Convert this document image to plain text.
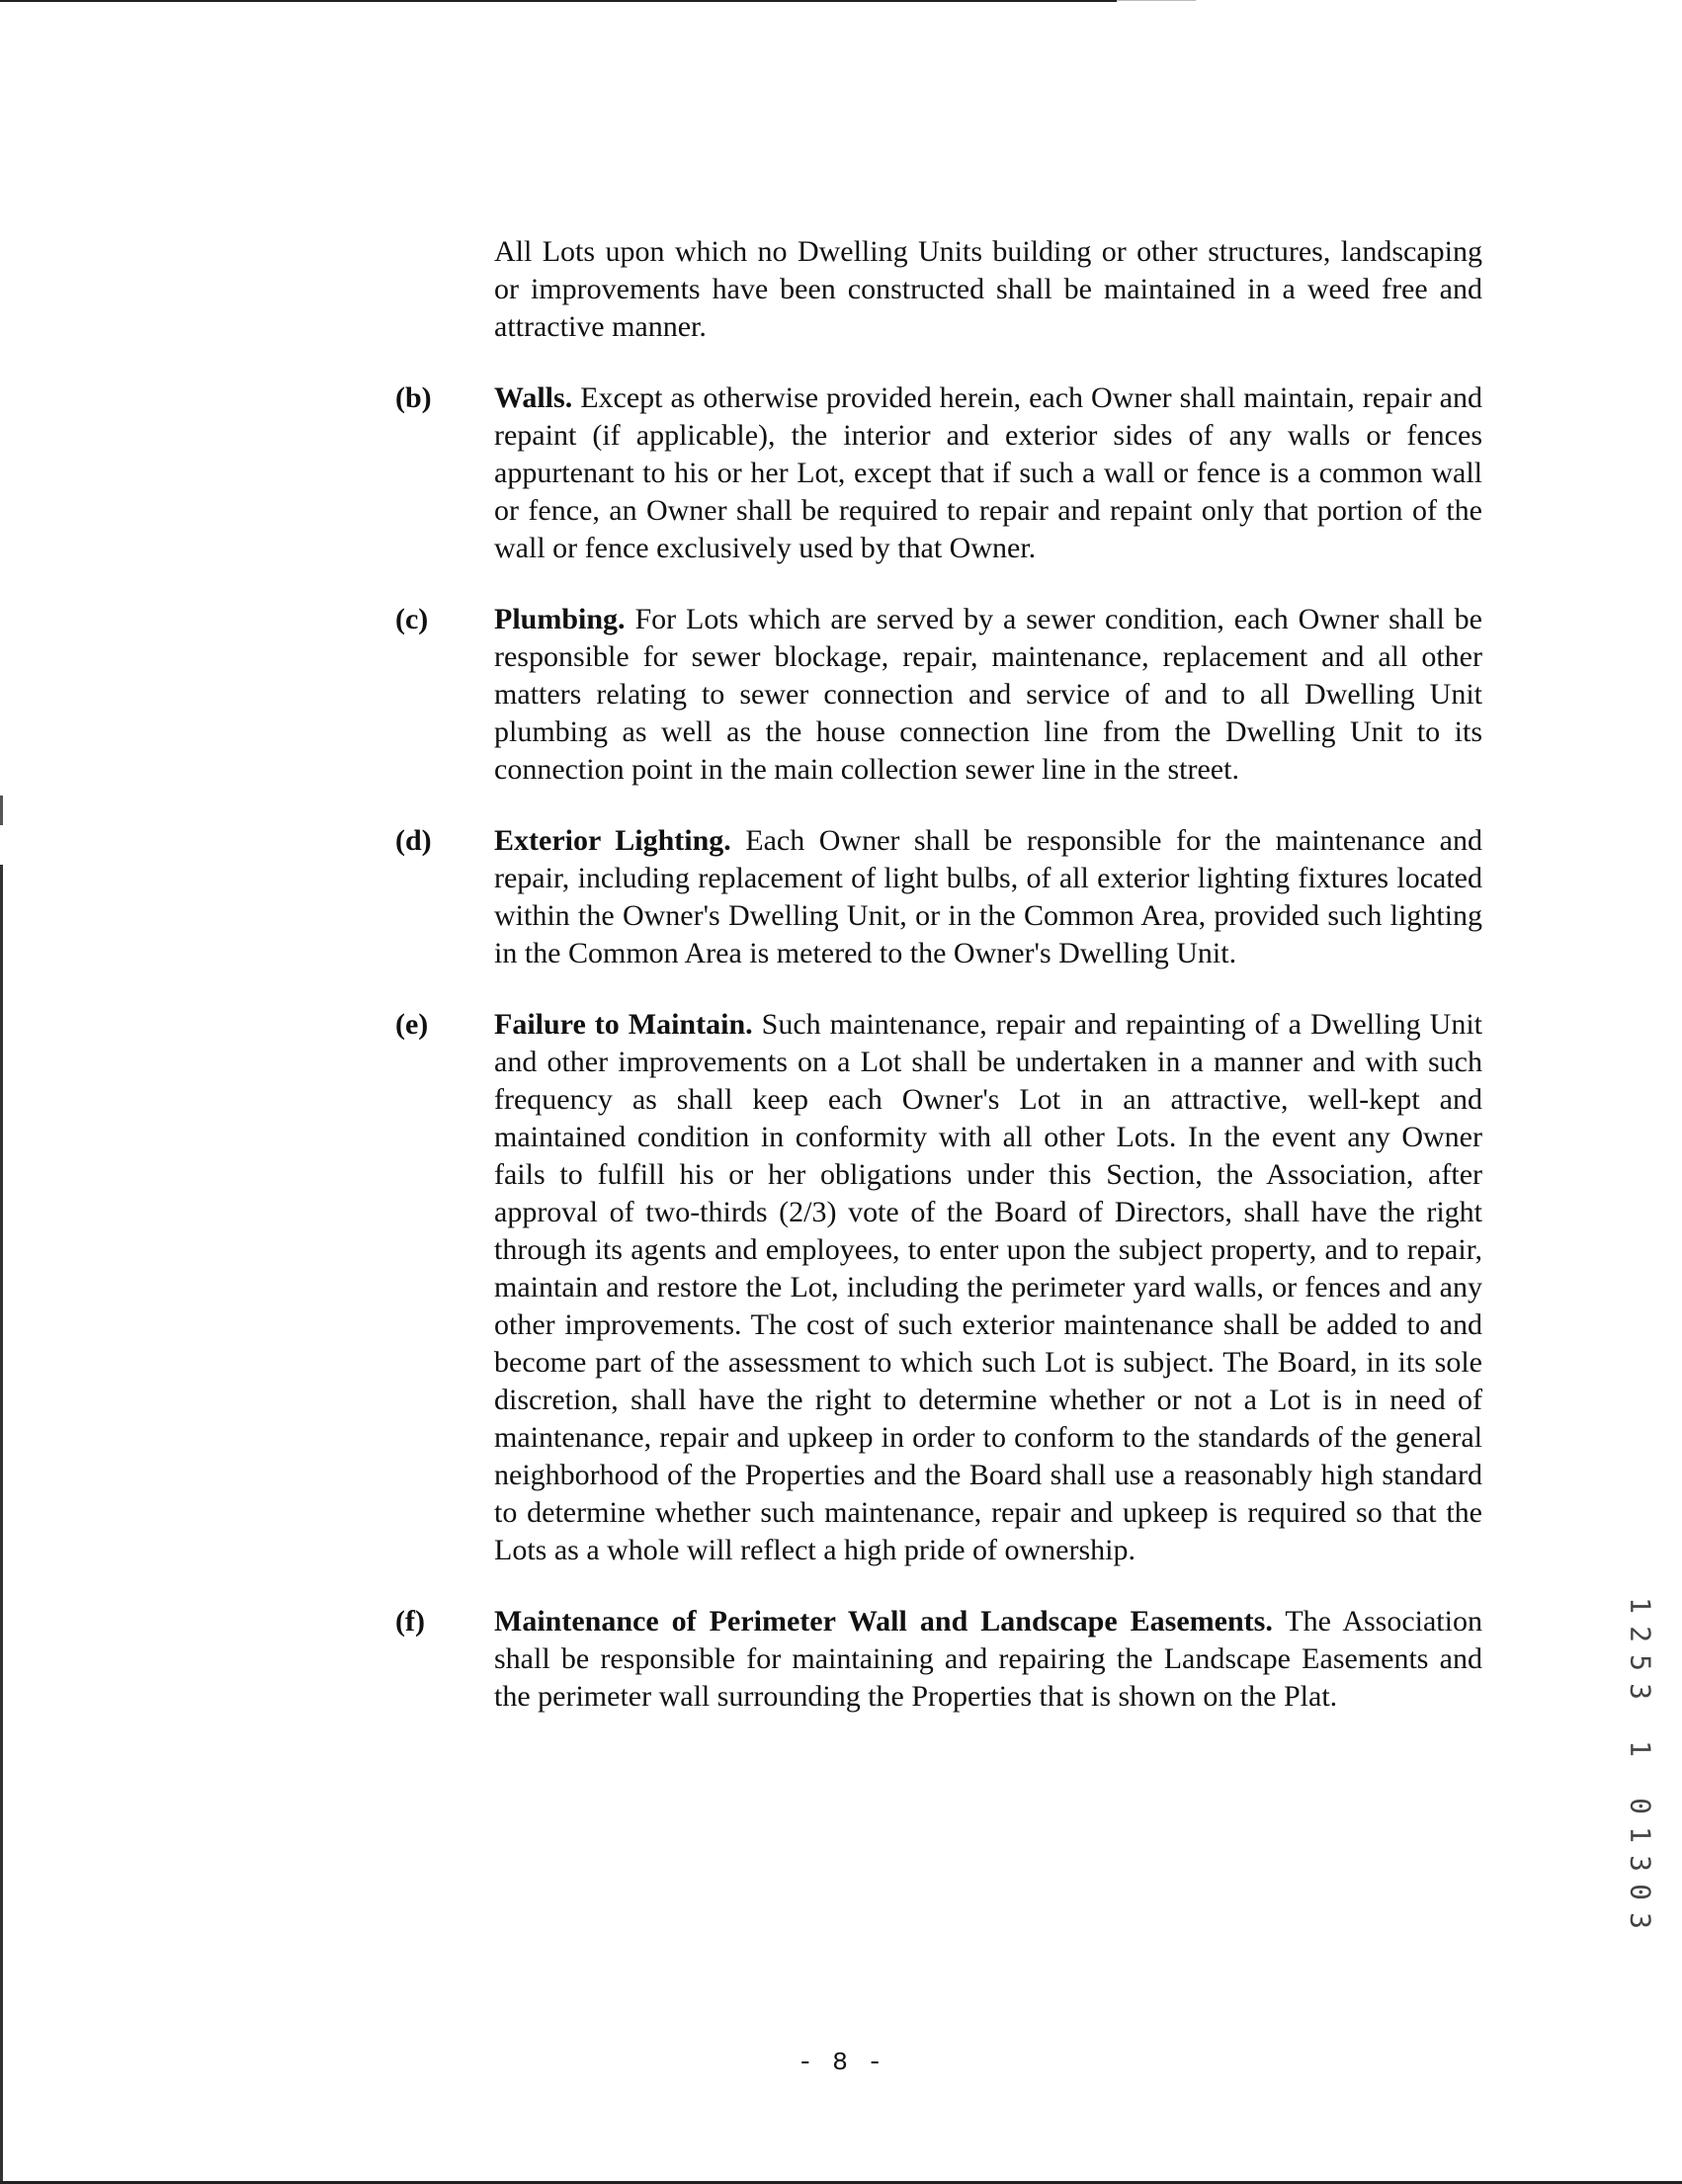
All Lots upon which no Dwelling Units building or other structures, landscaping or improvements have been constructed shall be maintained in a weed free and attractive manner.

(b) Walls. Except as otherwise provided herein, each Owner shall maintain, repair and repaint (if applicable), the interior and exterior sides of any walls or fences appurtenant to his or her Lot, except that if such a wall or fence is a common wall or fence, an Owner shall be required to repair and repaint only that portion of the wall or fence exclusively used by that Owner.

(c) Plumbing. For Lots which are served by a sewer condition, each Owner shall be responsible for sewer blockage, repair, maintenance, replacement and all other matters relating to sewer connection and service of and to all Dwelling Unit plumbing as well as the house connection line from the Dwelling Unit to its connection point in the main collection sewer line in the street.

(d) Exterior Lighting. Each Owner shall be responsible for the maintenance and repair, including replacement of light bulbs, of all exterior lighting fixtures located within the Owner's Dwelling Unit, or in the Common Area, provided such lighting in the Common Area is metered to the Owner's Dwelling Unit.

(e) Failure to Maintain. Such maintenance, repair and repainting of a Dwelling Unit and other improvements on a Lot shall be undertaken in a manner and with such frequency as shall keep each Owner's Lot in an attractive, well-kept and maintained condition in conformity with all other Lots. In the event any Owner fails to fulfill his or her obligations under this Section, the Association, after approval of two-thirds (2/3) vote of the Board of Directors, shall have the right through its agents and employees, to enter upon the subject property, and to repair, maintain and restore the Lot, including the perimeter yard walls, or fences and any other improvements. The cost of such exterior maintenance shall be added to and become part of the assessment to which such Lot is subject. The Board, in its sole discretion, shall have the right to determine whether or not a Lot is in need of maintenance, repair and upkeep in order to conform to the standards of the general neighborhood of the Properties and the Board shall use a reasonably high standard to determine whether such maintenance, repair and upkeep is required so that the Lots as a whole will reflect a high pride of ownership.

(f) Maintenance of Perimeter Wall and Landscape Easements. The Association shall be responsible for maintaining and repairing the Landscape Easements and the perimeter wall surrounding the Properties that is shown on the Plat.

- 8 -
1
2
5
3

1

0
1
3
0
3
